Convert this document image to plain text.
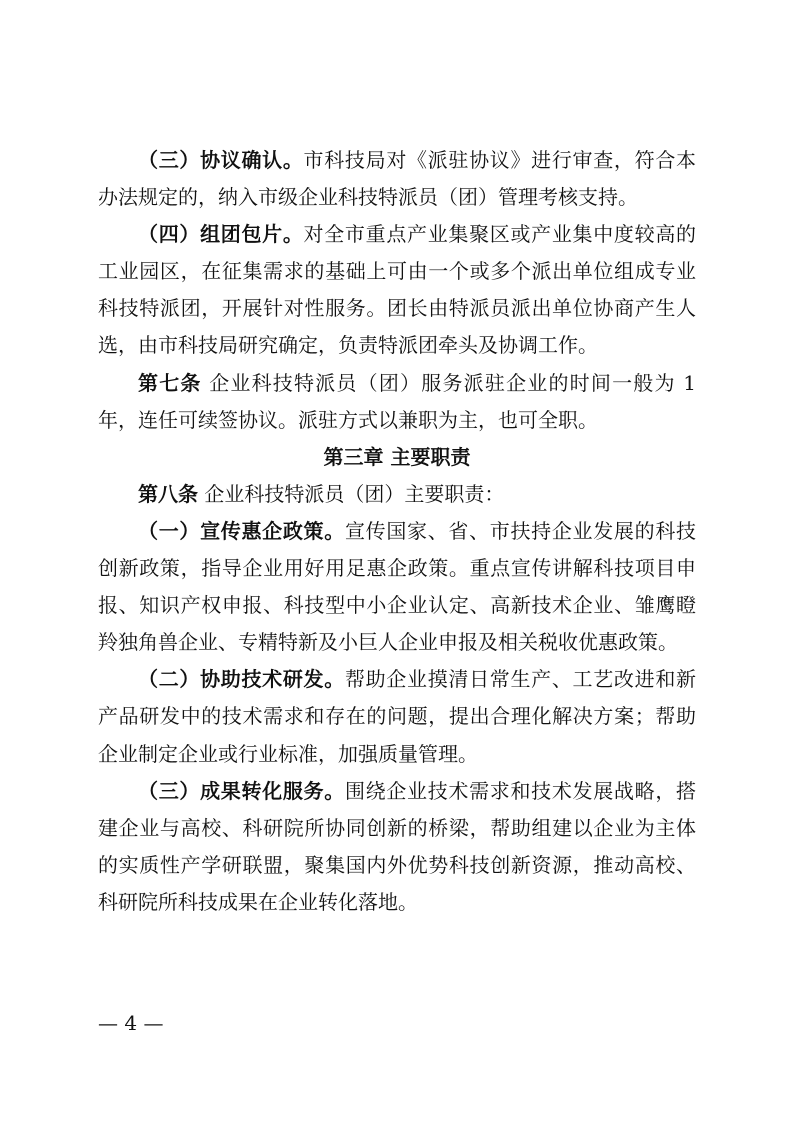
（三）协议确认。市科技局对《派驻协议》进行审查，符合本办法规定的，纳入市级企业科技特派员（团）管理考核支持。

（四）组团包片。对全市重点产业集聚区或产业集中度较高的工业园区，在征集需求的基础上可由一个或多个派出单位组成专业科技特派团，开展针对性服务。团长由特派员派出单位协商产生人选，由市科技局研究确定，负责特派团牵头及协调工作。

第七条 企业科技特派员（团）服务派驻企业的时间一般为 1 年，连任可续签协议。派驻方式以兼职为主，也可全职。

第三章 主要职责

第八条 企业科技特派员（团）主要职责：

（一）宣传惠企政策。宣传国家、省、市扶持企业发展的科技创新政策，指导企业用好用足惠企政策。重点宣传讲解科技项目申报、知识产权申报、科技型中小企业认定、高新技术企业、雏鹰瞪羚独角兽企业、专精特新及小巨人企业申报及相关税收优惠政策。

（二）协助技术研发。帮助企业摸清日常生产、工艺改进和新产品研发中的技术需求和存在的问题，提出合理化解决方案；帮助企业制定企业或行业标准，加强质量管理。

（三）成果转化服务。围绕企业技术需求和技术发展战略，搭建企业与高校、科研院所协同创新的桥梁，帮助组建以企业为主体的实质性产学研联盟，聚集国内外优势科技创新资源，推动高校、科研院所科技成果在企业转化落地。

— 4 —
